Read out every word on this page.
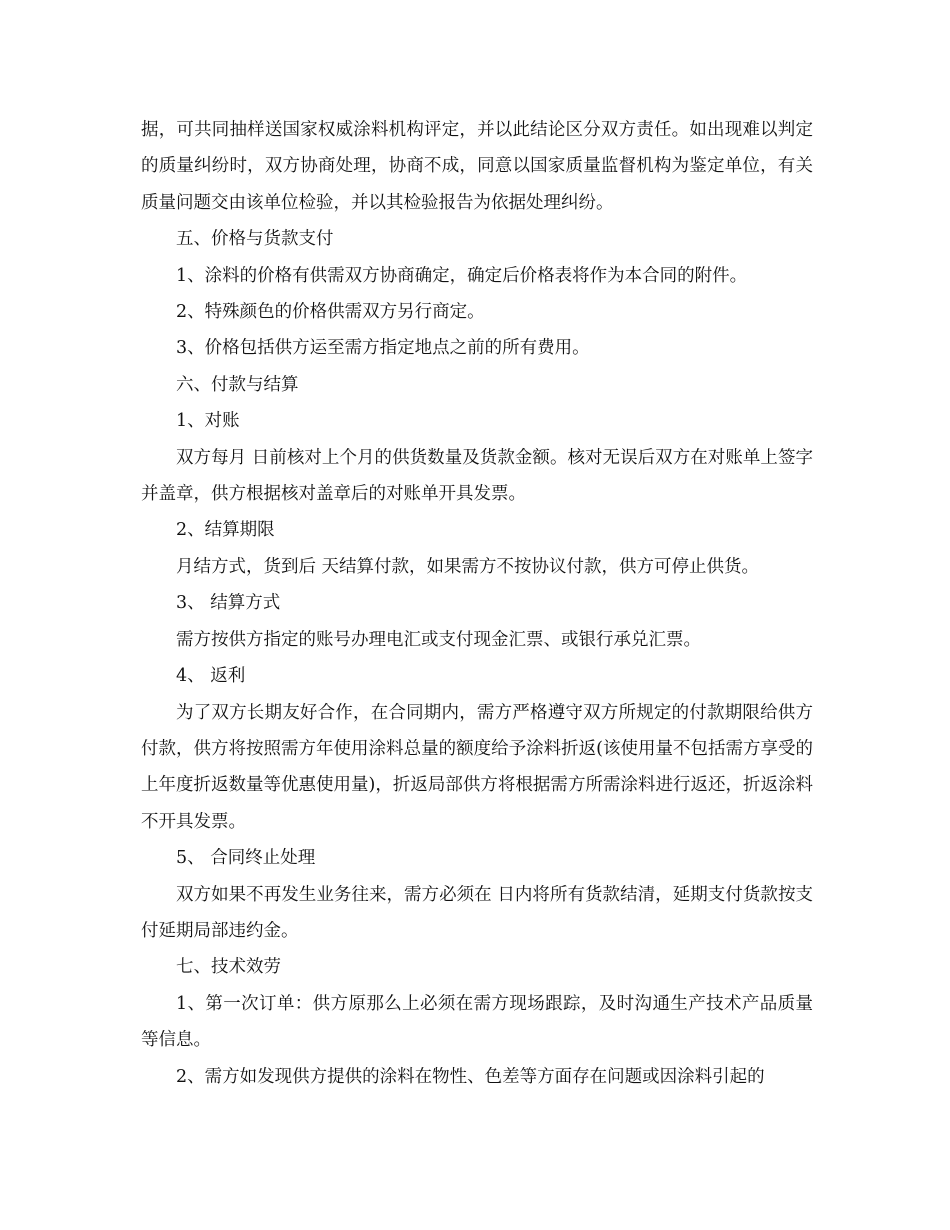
据，可共同抽样送国家权威涂料机构评定，并以此结论区分双方责任。如出现难以判定的质量纠纷时，双方协商处理，协商不成，同意以国家质量监督机构为鉴定单位，有关质量问题交由该单位检验，并以其检验报告为依据处理纠纷。

五、价格与货款支付

1、涂料的价格有供需双方协商确定，确定后价格表将作为本合同的附件。

2、特殊颜色的价格供需双方另行商定。

3、价格包括供方运至需方指定地点之前的所有费用。

六、付款与结算

1、对账

双方每月 日前核对上个月的供货数量及货款金额。核对无误后双方在对账单上签字并盖章，供方根据核对盖章后的对账单开具发票。

2、结算期限

月结方式，货到后 天结算付款，如果需方不按协议付款，供方可停止供货。

3、 结算方式

需方按供方指定的账号办理电汇或支付现金汇票、或银行承兑汇票。

4、 返利

为了双方长期友好合作，在合同期内，需方严格遵守双方所规定的付款期限给供方付款，供方将按照需方年使用涂料总量的额度给予涂料折返(该使用量不包括需方享受的上年度折返数量等优惠使用量)，折返局部供方将根据需方所需涂料进行返还，折返涂料不开具发票。

5、 合同终止处理

双方如果不再发生业务往来，需方必须在 日内将所有货款结清，延期支付货款按支付延期局部违约金。

七、技术效劳

1、第一次订单：供方原那么上必须在需方现场跟踪，及时沟通生产技术产品质量等信息。

2、需方如发现供方提供的涂料在物性、色差等方面存在问题或因涂料引起的
